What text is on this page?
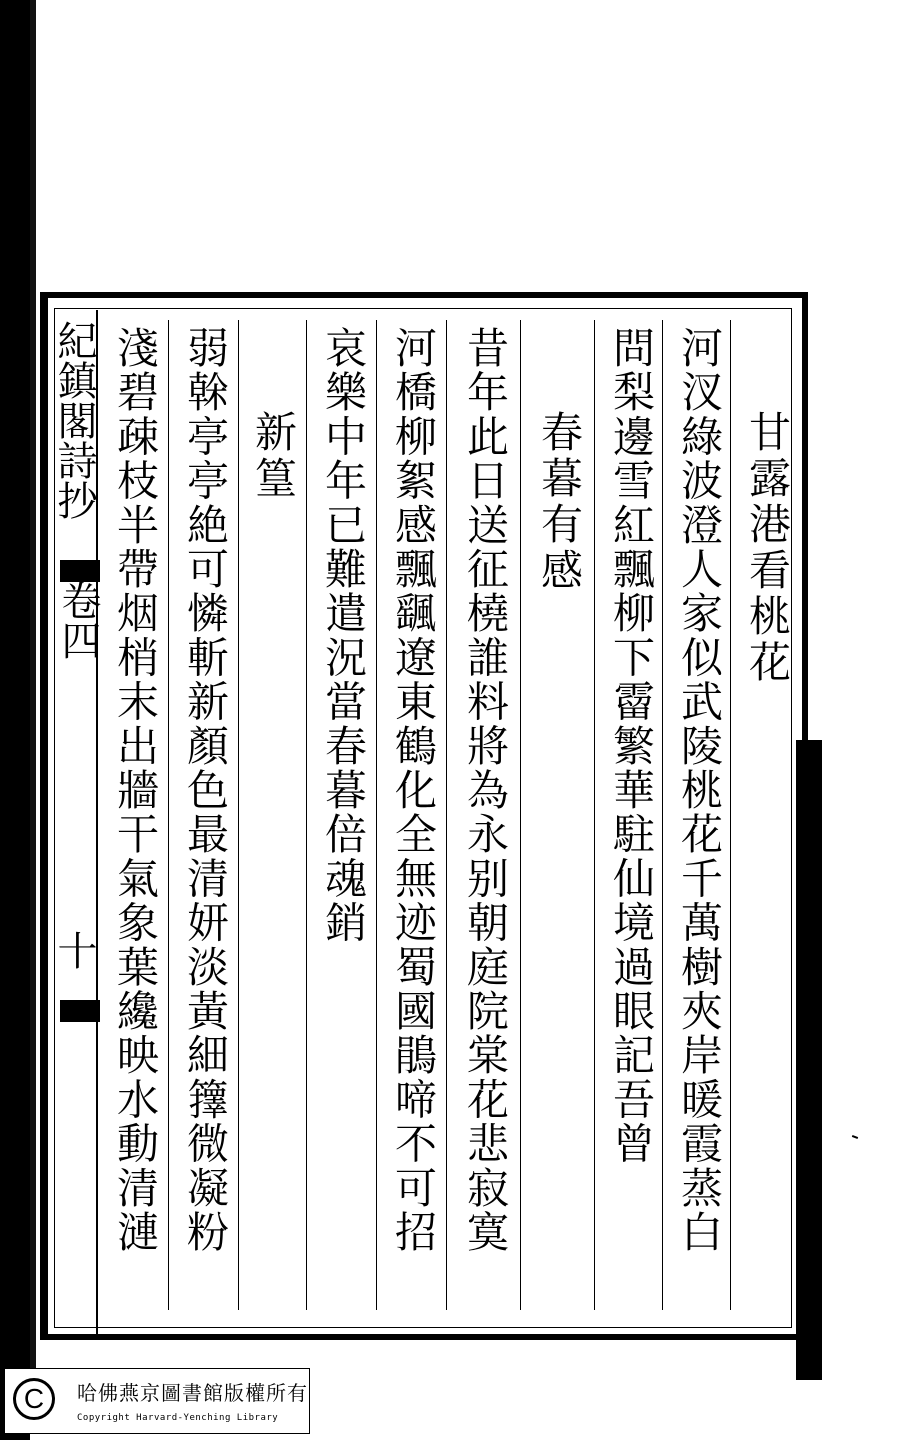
甘露港看桃花
河汊綠波澄人家似武陵桃花千萬樹夾岸暖霞蒸白
問梨邊雪紅飄柳下霤繁華駐仙境過眼記吾曾
春暮有感
昔年此日送征橈誰料將為永别朝庭院棠花悲寂寞
河橋柳絮感飄颻遼東鶴化全無迹蜀國鵑啼不可招
哀樂中年已難遣況當春暮倍魂銷
新篁
弱榦亭亭絶可憐斬新顏色最清妍淡黃細籜微凝粉
淺碧疎枝半帶烟梢末出牆干氣象葉纔映水動清漣
紀鎮閣詩抄
卷四
十
C	哈佛燕京圖書館版權所有
Copyright Harvard-Yenching Library
